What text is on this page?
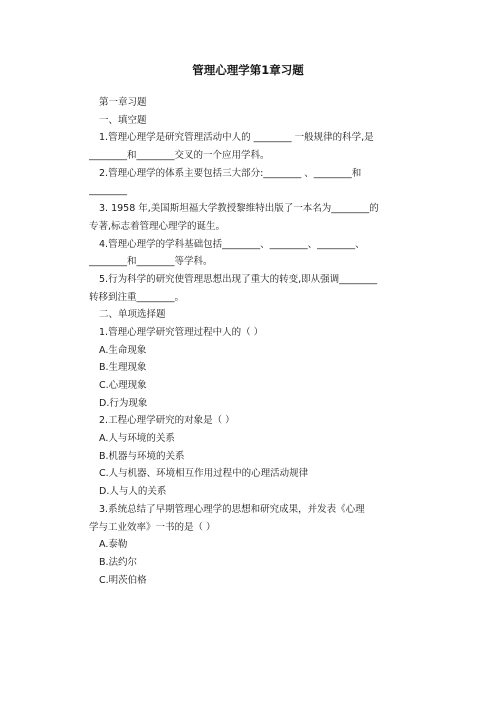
管理心理学第1章习题
第一章习题
一、填空题
1.管理心理学是研究管理活动中人的 ________ 一般规律的科学,是
________和________交叉的一个应用学科。
2.管理心理学的体系主要包括三大部分:________ 、________和
________
3. 1958 年,美国斯坦福大学教授黎维特出版了一本名为________的
专著,标志着管理心理学的诞生。
4.管理心理学的学科基础包括________、________、________、
________和________等学科。
5.行为科学的研究使管理思想出现了重大的转变,即从强调________
转移到注重________。
二、单项选择题
1.管理心理学研究管理过程中人的（ ）
A.生命现象
B.生理现象
C.心理现象
D.行为现象
2.工程心理学研究的对象是（ ）
A.人与环境的关系
B.机器与环境的关系
C.人与机器、环境相互作用过程中的心理活动规律
D.人与人的关系
3.系统总结了早期管理心理学的思想和研究成果，并发表《心理
学与工业效率》一书的是（ ）
A.泰勒
B.法约尔
C.明茨伯格
